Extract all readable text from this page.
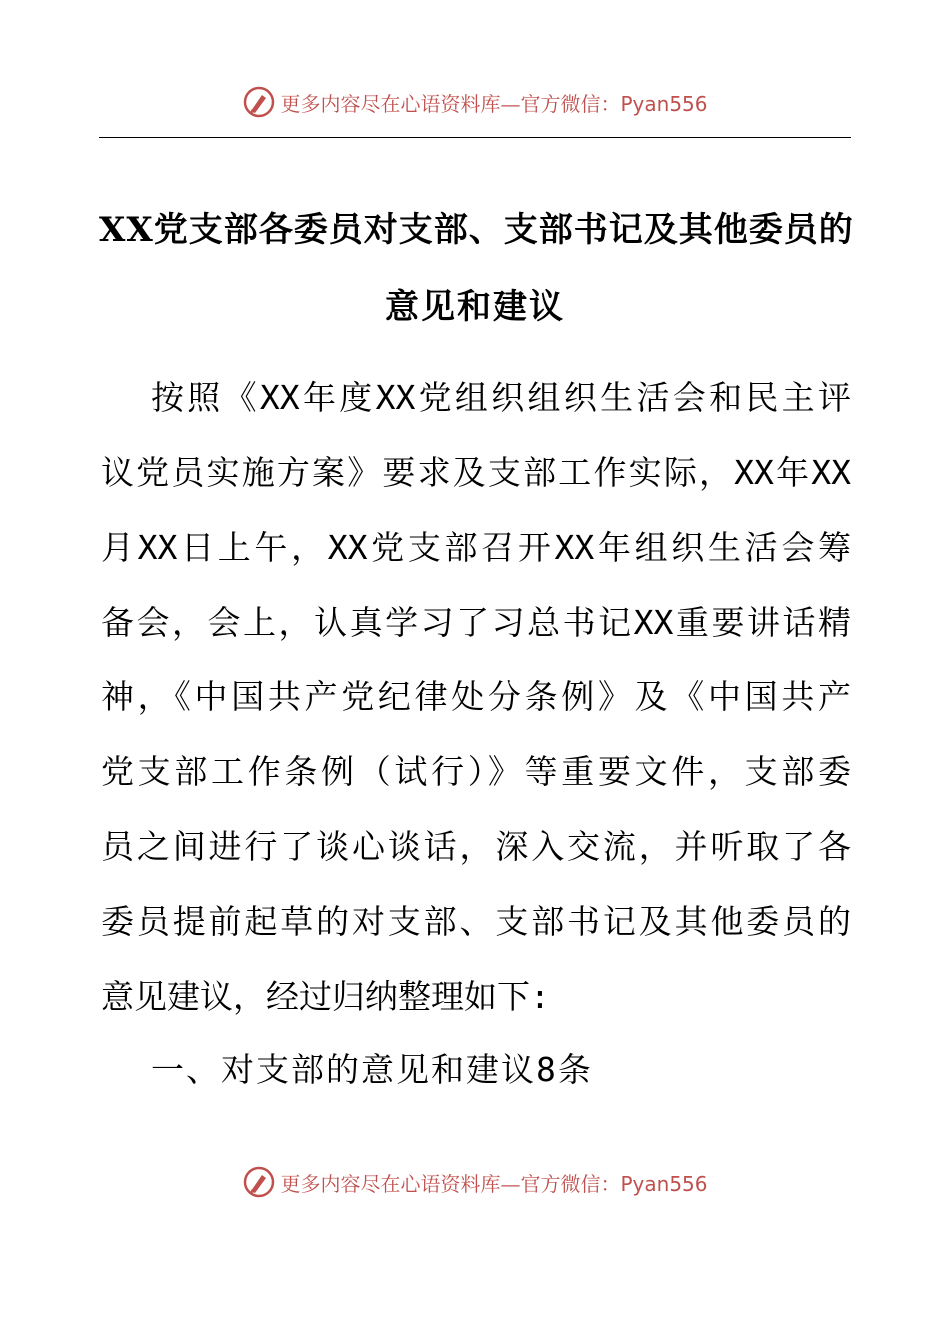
更多内容尽在心语资料库—官方微信：Pyan556
XX党支部各委员对支部、支部书记及其他委员的
意见和建议
按照《XX年度XX党组织组织生活会和民主评
议党员实施方案》要求及支部工作实际，XX年XX
月XX日上午，XX党支部召开XX年组织生活会筹
备会，会上，认真学习了习总书记XX重要讲话精
神，《中国共产党纪律处分条例》及《中国共产
党支部工作条例（试行）》等重要文件，支部委
员之间进行了谈心谈话，深入交流，并听取了各
委员提前起草的对支部、支部书记及其他委员的
意见建议，经过归纳整理如下:
一、对支部的意见和建议8条
更多内容尽在心语资料库—官方微信：Pyan556
